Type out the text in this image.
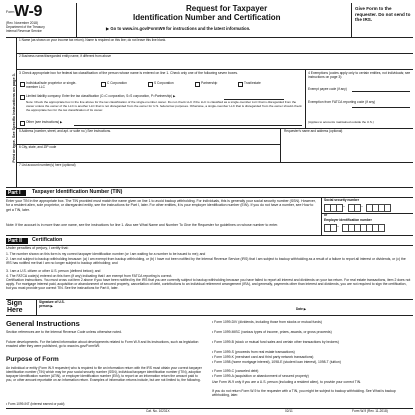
Form W-9
(Rev. November 2018)
Department of the Treasury
Internal Revenue Service
Request for Taxpayer
Identification Number and Certification
▶ Go to www.irs.gov/FormW9 for instructions and the latest information.
Give Form to the requester. Do not send to the IRS.
Print or type. See Specific Instructions on page 3.
1 Name (as shown on your income tax return). Name is required on this line; do not leave this line blank.
2 Business name/disregarded entity name, if different from above
3 Check appropriate box for federal tax classification of the person whose name is entered on line 1. Check only one of the following seven boxes.
Individual/sole proprietor or single-member LLC
C Corporation	S Corporation	Partnership	Trust/estate
Limited liability company. Enter the tax classification (C=C corporation, S=S corporation, P=Partnership) ▶
Note: Check the appropriate box in the line above for the tax classification of the single-member owner. Do not check LLC if the LLC is classified as a single-member LLC that is disregarded from the owner unless the owner of the LLC is another LLC that is not disregarded from the owner for U.S. federal tax purposes. Otherwise, a single-member LLC that is disregarded from the owner should check the appropriate box for the tax classification of its owner.
Other (see instructions) ▶
4 Exemptions (codes apply only to certain entities, not individuals; see instructions on page 3):
Exempt payee code (if any)
Exemption from FATCA reporting code (if any)
(Applies to accounts maintained outside the U.S.)
5 Address (number, street, and apt. or suite no.) See instructions.	Requester's name and address (optional)
6 City, state, and ZIP code
7 List account number(s) here (optional)
Part I	Taxpayer Identification Number (TIN)
Enter your TIN in the appropriate box. The TIN provided must match the name given on line 1 to avoid backup withholding. For individuals, this is generally your social security number (SSN). However, for a resident alien, sole proprietor, or disregarded entity, see the instructions for Part I, later. For other entities, it is your employer identification number (EIN). If you do not have a number, see How to get a TIN, later.
Note: If the account is in more than one name, see the instructions for line 1. Also see What Name and Number To Give the Requester for guidelines on whose number to enter.
Social security number
–	–
or
Employer identification number
–
Part II	Certification
Under penalties of perjury, I certify that:
1. The number shown on this form is my correct taxpayer identification number (or I am waiting for a number to be issued to me); and
2. I am not subject to backup withholding because: (a) I am exempt from backup withholding, or (b) I have not been notified by the Internal Revenue Service (IRS) that I am subject to backup withholding as a result of a failure to report all interest or dividends, or (c) the IRS has notified me that I am no longer subject to backup withholding; and
3. I am a U.S. citizen or other U.S. person (defined below); and
4. The FATCA code(s) entered on this form (if any) indicating that I am exempt from FATCA reporting is correct.
Certification instructions. You must cross out item 2 above if you have been notified by the IRS that you are currently subject to backup withholding because you have failed to report all interest and dividends on your tax return. For real estate transactions, item 2 does not apply. For mortgage interest paid, acquisition or abandonment of secured property, cancellation of debt, contributions to an individual retirement arrangement (IRA), and generally, payments other than interest and dividends, you are not required to sign the certification, but you must provide your correct TIN. See the instructions for Part II, later.
Sign
Here
Signature of U.S. person ▶
Date ▶
General Instructions
Section references are to the Internal Revenue Code unless otherwise noted.
Future developments. For the latest information about developments related to Form W-9 and its instructions, such as legislation enacted after they were published, go to www.irs.gov/FormW9.
Purpose of Form
An individual or entity (Form W-9 requester) who is required to file an information return with the IRS must obtain your correct taxpayer identification number (TIN) which may be your social security number (SSN), individual taxpayer identification number (ITIN), adoption taxpayer identification number (ATIN), or employer identification number (EIN), to report on an information return the amount paid to you, or other amount reportable on an information return. Examples of information returns include, but are not limited to, the following.
• Form 1099-INT (interest earned or paid)
• Form 1099-DIV (dividends, including those from stocks or mutual funds)
• Form 1099-MISC (various types of income, prizes, awards, or gross proceeds)
• Form 1099-B (stock or mutual fund sales and certain other transactions by brokers)
• Form 1099-S (proceeds from real estate transactions)
• Form 1099-K (merchant card and third party network transactions)
• Form 1098 (home mortgage interest), 1098-E (student loan interest), 1098-T (tuition)
• Form 1099-C (canceled debt)
• Form 1099-A (acquisition or abandonment of secured property)
Use Form W-9 only if you are a U.S. person (including a resident alien), to provide your correct TIN.
If you do not return Form W-9 to the requester with a TIN, you might be subject to backup withholding. See What is backup withholding, later.
Cat. No. 10231X	02/11	Form W-9 (Rev. 11-2018)
